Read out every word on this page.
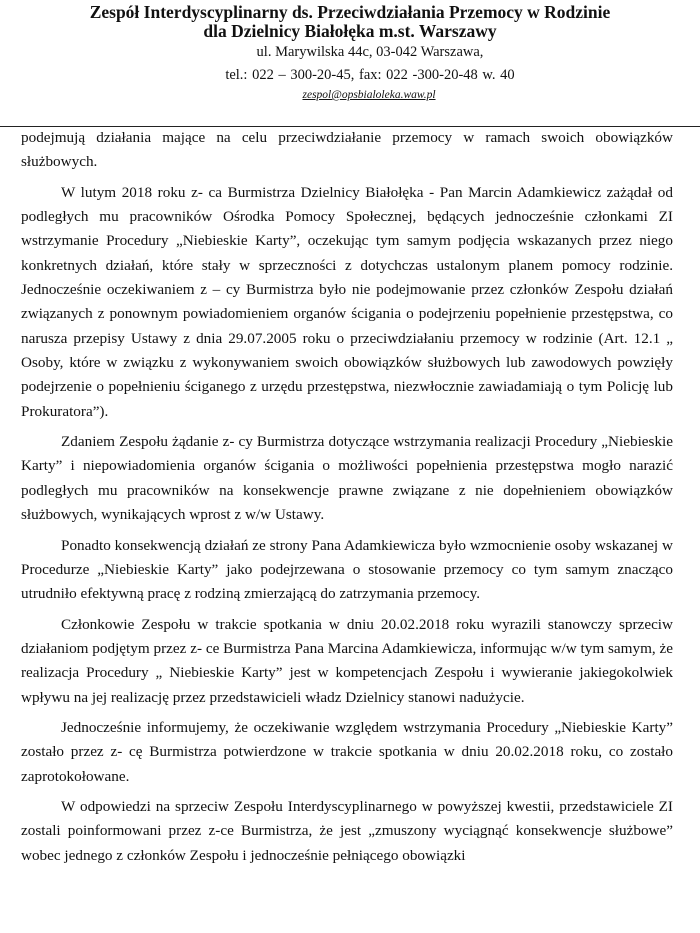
Zespół Interdyscyplinarny ds. Przeciwdziałania Przemocy w Rodzinie
dla Dzielnicy Białołęka m.st. Warszawy
ul. Marywilska 44c, 03-042 Warszawa,
tel.: 022 – 300-20-45, fax: 022 -300-20-48 w. 40
zespol@opsbialoleka.waw.pl

podejmują działania mające na celu przeciwdziałanie przemocy w ramach swoich obowiązków służbowych.

W lutym 2018 roku z- ca Burmistrza Dzielnicy Białołęka - Pan Marcin Adamkiewicz zażądał od podległych mu pracowników Ośrodka Pomocy Społecznej, będących jednocześnie członkami ZI wstrzymanie Procedury „Niebieskie Karty”, oczekując tym samym podjęcia wskazanych przez niego konkretnych działań, które stały w sprzeczności z dotychczas ustalonym planem pomocy rodzinie. Jednocześnie oczekiwaniem z – cy Burmistrza było nie podejmowanie przez członków Zespołu działań związanych z ponownym powiadomieniem organów ścigania o podejrzeniu popełnienie przestępstwa, co narusza przepisy Ustawy z dnia 29.07.2005 roku o przeciwdziałaniu przemocy w rodzinie (Art. 12.1 „ Osoby, które w związku z wykonywaniem swoich obowiązków służbowych lub zawodowych powzięły podejrzenie o popełnieniu ściganego z urzędu przestępstwa, niezwłocznie zawiadamiają o tym Policję lub Prokuratora”).

Zdaniem Zespołu żądanie z- cy Burmistrza dotyczące wstrzymania realizacji Procedury „Niebieskie Karty” i niepowiadomienia organów ścigania o możliwości popełnienia przestępstwa mogło narazić podległych mu pracowników na konsekwencje prawne związane z nie dopełnieniem obowiązków służbowych, wynikających wprost z w/w Ustawy.

Ponadto konsekwencją działań ze strony Pana Adamkiewicza było wzmocnienie osoby wskazanej w Procedurze „Niebieskie Karty” jako podejrzewana o stosowanie przemocy co tym samym znacząco utrudniło efektywną pracę z rodziną zmierzającą do zatrzymania przemocy.

Członkowie Zespołu w trakcie spotkania w dniu 20.02.2018 roku wyrazili stanowczy sprzeciw działaniom podjętym przez z- ce Burmistrza Pana Marcina Adamkiewicza, informując w/w tym samym, że realizacja Procedury „ Niebieskie Karty” jest w kompetencjach Zespołu i wywieranie jakiegokolwiek wpływu na jej realizację przez przedstawicieli władz Dzielnicy stanowi nadużycie.

Jednocześnie informujemy, że oczekiwanie względem wstrzymania Procedury „Niebieskie Karty” zostało przez z- cę Burmistrza potwierdzone w trakcie spotkania w dniu 20.02.2018 roku, co zostało zaprotokołowane.

W odpowiedzi na sprzeciw Zespołu Interdyscyplinarnego w powyższej kwestii, przedstawiciele ZI zostali poinformowani przez z-ce Burmistrza, że jest „zmuszony wyciągnąć konsekwencje służbowe” wobec jednego z członków Zespołu i jednocześnie pełniącego obowiązki
